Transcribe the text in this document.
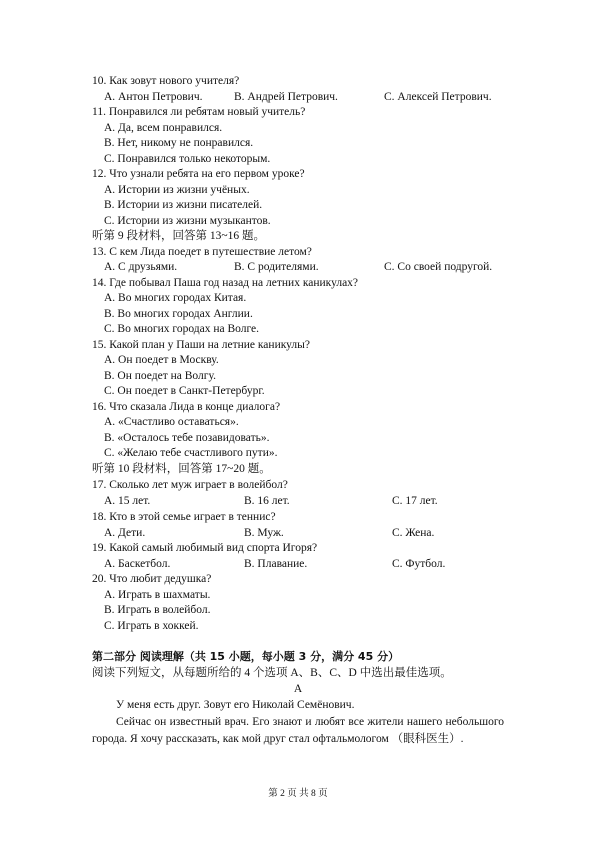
10. Как зовут нового учителя?
A. Антон Петрович.	B. Андрей Петрович.	C. Алексей Петрович.
11. Понравился ли ребятам новый учитель?
A. Да, всем понравился.
B. Нет, никому не понравился.
C. Понравился только некоторым.
12. Что узнали ребята на его первом уроке?
A. Истории из жизни учёных.
B. Истории из жизни писателей.
C. Истории из жизни музыкантов.
听第 9 段材料，回答第 13~16 题。
13. С кем Лида поедет в путешествие летом?
A. С друзьями.	B. С родителями.	C. Со своей подругой.
14. Где побывал Паша год назад на летних каникулах?
A. Во многих городах Китая.
B. Во многих городах Англии.
C. Во многих городах на Волге.
15. Какой план у Паши на летние каникулы?
A. Он поедет в Москву.
B. Он поедет на Волгу.
C. Он поедет в Санкт-Петербург.
16. Что сказала Лида в конце диалога?
A. «Счастливо оставаться».
B. «Осталось тебе позавидовать».
C. «Желаю тебе счастливого пути».
听第 10 段材料，回答第 17~20 题。
17. Сколько лет муж играет в волейбол?
A. 15 лет.	B. 16 лет.	C. 17 лет.
18. Кто в этой семье играет в теннис?
A. Дети.	B. Муж.	C. Жена.
19. Какой самый любимый вид спорта Игоря?
A. Баскетбол.	B. Плавание.	C. Футбол.
20. Что любит дедушка?
A. Играть в шахматы.
B. Играть в волейбол.
C. Играть в хоккей.
第二部分 阅读理解（共 15 小题，每小题 3 分，满分 45 分）
阅读下列短文，从每题所给的 4 个选项 A、B、C、D 中选出最佳选项。
A
У меня есть друг. Зовут его Николай Семёнович.
Сейчас он известный врач. Его знают и любят все жители нашего небольшого города. Я хочу рассказать, как мой друг стал офтальмологом （眼科医生）.
第 2 页 共 8 页
